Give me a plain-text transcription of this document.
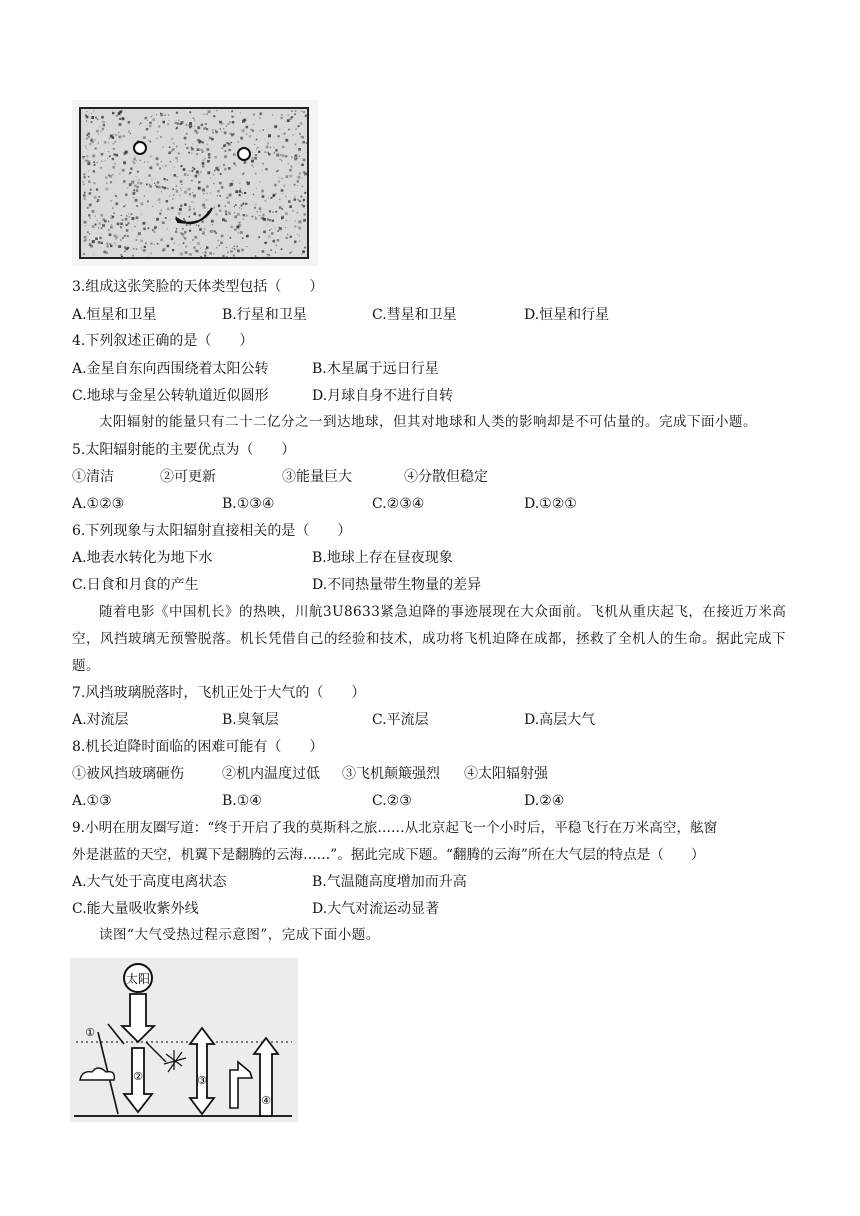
3.组成这张笑脸的天体类型包括（　　）
A.恒星和卫星	B.行星和卫星	C.彗星和卫星	D.恒星和行星
4.下列叙述正确的是（　　）
A.金星自东向西围绕着太阳公转	B.木星属于远日行星
C.地球与金星公转轨道近似圆形	D.月球自身不进行自转
太阳辐射的能量只有二十二亿分之一到达地球，但其对地球和人类的影响却是不可估量的。完成下面小题。
5.太阳辐射能的主要优点为（　　）
①清洁	②可更新	③能量巨大	④分散但稳定
A.①②③	B.①③④	C.②③④	D.①②①
6.下列现象与太阳辐射直接相关的是（　　）
A.地表水转化为地下水	B.地球上存在昼夜现象
C.日食和月食的产生	D.不同热量带生物量的差异
随着电影《中国机长》的热映，川航3U8633紧急迫降的事迹展现在大众面前。飞机从重庆起飞，在接近万米高空，风挡玻璃无预警脱落。机长凭借自己的经验和技术，成功将飞机迫降在成都，拯救了全机人的生命。据此完成下题。
7.风挡玻璃脱落时，飞机正处于大气的（　　）
A.对流层	B.臭氧层	C.平流层	D.高层大气
8.机长迫降时面临的困难可能有（　　）
①被风挡玻璃砸伤	②机内温度过低 ③飞机颠簸强烈 ④太阳辐射强
A.①③	B.①④	C.②③	D.②④
9.小明在朋友圈写道：“终于开启了我的莫斯科之旅……从北京起飞一个小时后，平稳飞行在万米高空，舷窗
外是湛蓝的天空，机翼下是翻腾的云海……”。据此完成下题。“翻腾的云海”所在大气层的特点是（　　）
A.大气处于高度电离状态	B.气温随高度增加而升高
C.能大量吸收紫外线	D.大气对流运动显著
读图“大气受热过程示意图”，完成下面小题。
太阳
②
①
③
④
